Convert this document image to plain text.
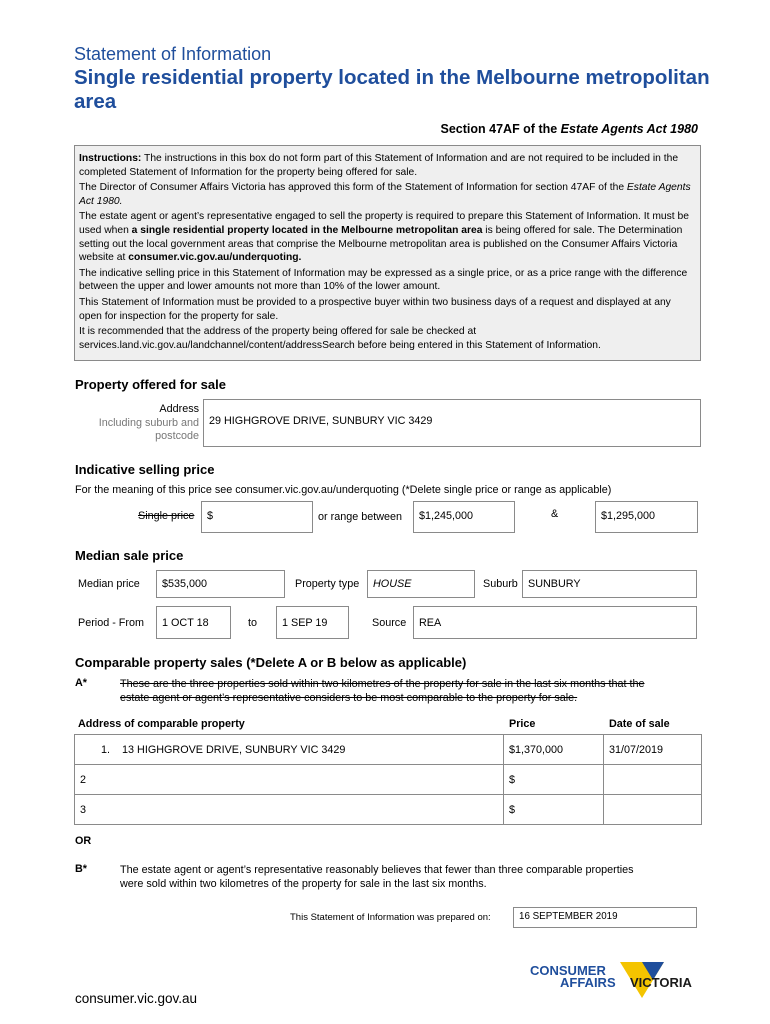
Statement of Information
Single residential property located in the Melbourne metropolitan area
Section 47AF of the Estate Agents Act 1980

Instructions: The instructions in this box do not form part of this Statement of Information and are not required to be included in the completed Statement of Information for the property being offered for sale.

The Director of Consumer Affairs Victoria has approved this form of the Statement of Information for section 47AF of the Estate Agents Act 1980.

The estate agent or agent’s representative engaged to sell the property is required to prepare this Statement of Information. It must be used when a single residential property located in the Melbourne metropolitan area is being offered for sale. The Determination setting out the local government areas that comprise the Melbourne metropolitan area is published on the Consumer Affairs Victoria website at consumer.vic.gov.au/underquoting.

The indicative selling price in this Statement of Information may be expressed as a single price, or as a price range with the difference between the upper and lower amounts not more than 10% of the lower amount.

This Statement of Information must be provided to a prospective buyer within two business days of a request and displayed at any open for inspection for the property for sale.

It is recommended that the address of the property being offered for sale be checked at services.land.vic.gov.au/landchannel/content/addressSearch before being entered in this Statement of Information.

Property offered for sale
Address
Including suburb and
postcode
29 HIGHGROVE DRIVE, SUNBURY VIC 3429
Indicative selling price
For the meaning of this price see consumer.vic.gov.au/underquoting (*Delete single price or range as applicable)
Single price	$	or range between	$1,245,000	&	$1,295,000
Median sale price
Median price	$535,000	Property type	HOUSE	Suburb SUNBURY
Period - From	1 OCT 18	to	1 SEP 19	Source	REA
Comparable property sales (*Delete A or B below as applicable)
A*	These are the three properties sold within two kilometres of the property for sale in the last six months that the
estate agent or agent’s representative considers to be most comparable to the property for sale.
Address of comparable property	Price	Date of sale
1. 13 HIGHGROVE DRIVE, SUNBURY VIC 3429	$1,370,000	31/07/2019
2	$	
3	$	
OR
B*	The estate agent or agent’s representative reasonably believes that fewer than three comparable properties
were sold within two kilometres of the property for sale in the last six months.
This Statement of Information was prepared on:	16 SEPTEMBER 2019
CONSUMER
AFFAIRS VICTORIA
consumer.vic.gov.au
